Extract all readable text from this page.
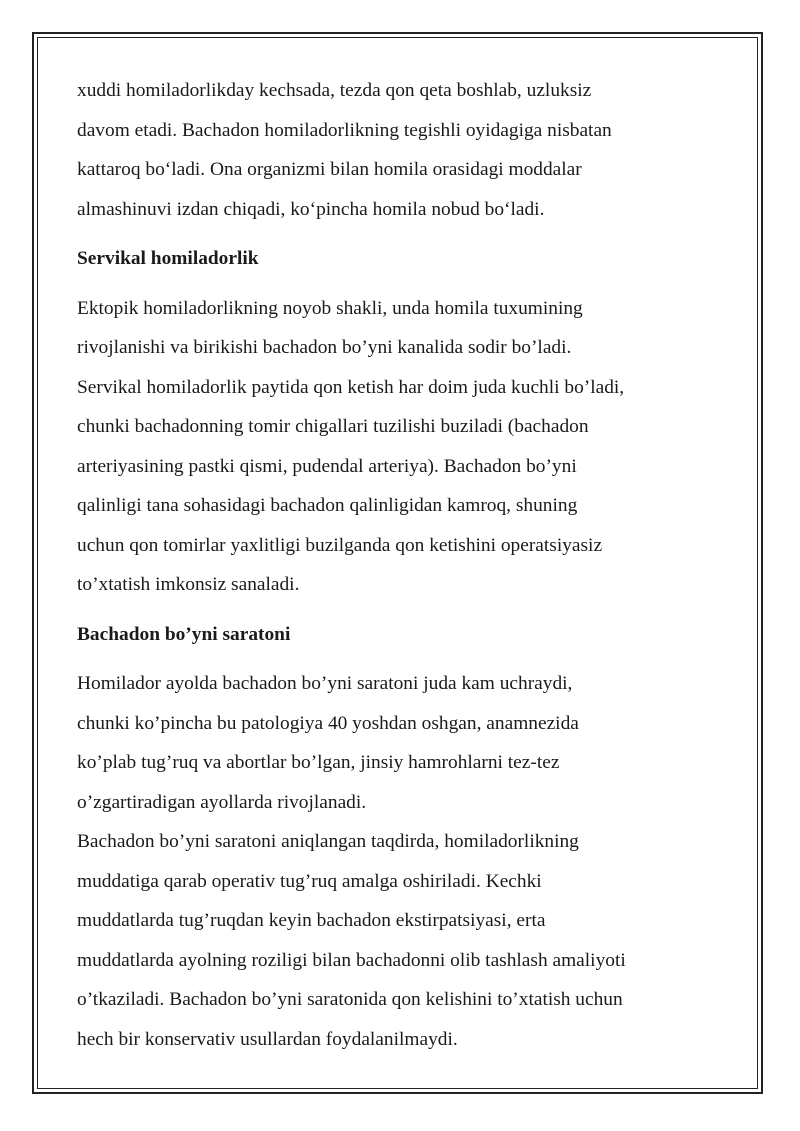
xuddi homiladorlikday kechsada, tezda qon qeta boshlab, uzluksiz
davom etadi. Bachadon homiladorlikning tegishli oyidagiga nisbatan
kattaroq bo‘ladi. Ona organizmi bilan homila orasidagi moddalar
almashinuvi izdan chiqadi, ko‘pincha homila nobud bo‘ladi.

Servikal homiladorlik

Ektopik homiladorlikning noyob shakli, unda homila tuxumining
rivojlanishi va birikishi bachadon bo’yni kanalida sodir bo’ladi.
Servikal homiladorlik paytida qon ketish har doim juda kuchli bo’ladi,
chunki bachadonning tomir chigallari tuzilishi buziladi (bachadon
arteriyasining pastki qismi, pudendal arteriya). Bachadon bo’yni
qalinligi tana sohasidagi bachadon qalinligidan kamroq, shuning
uchun qon tomirlar yaxlitligi buzilganda qon ketishini operatsiyasiz
to’xtatish imkonsiz sanaladi.

Bachadon bo’yni saratoni

Homilador ayolda bachadon bo’yni saratoni juda kam uchraydi,
chunki ko’pincha bu patologiya 40 yoshdan oshgan, anamnezida
ko’plab tug’ruq va abortlar bo’lgan, jinsiy hamrohlarni tez-tez
o’zgartiradigan ayollarda rivojlanadi.
Bachadon bo’yni saratoni aniqlangan taqdirda, homiladorlikning
muddatiga qarab operativ tug’ruq amalga oshiriladi. Kechki
muddatlarda tug’ruqdan keyin bachadon ekstirpatsiyasi, erta
muddatlarda ayolning roziligi bilan bachadonni olib tashlash amaliyoti
o’tkaziladi. Bachadon bo’yni saratonida qon kelishini to’xtatish uchun
hech bir konservativ usullardan foydalanilmaydi.
